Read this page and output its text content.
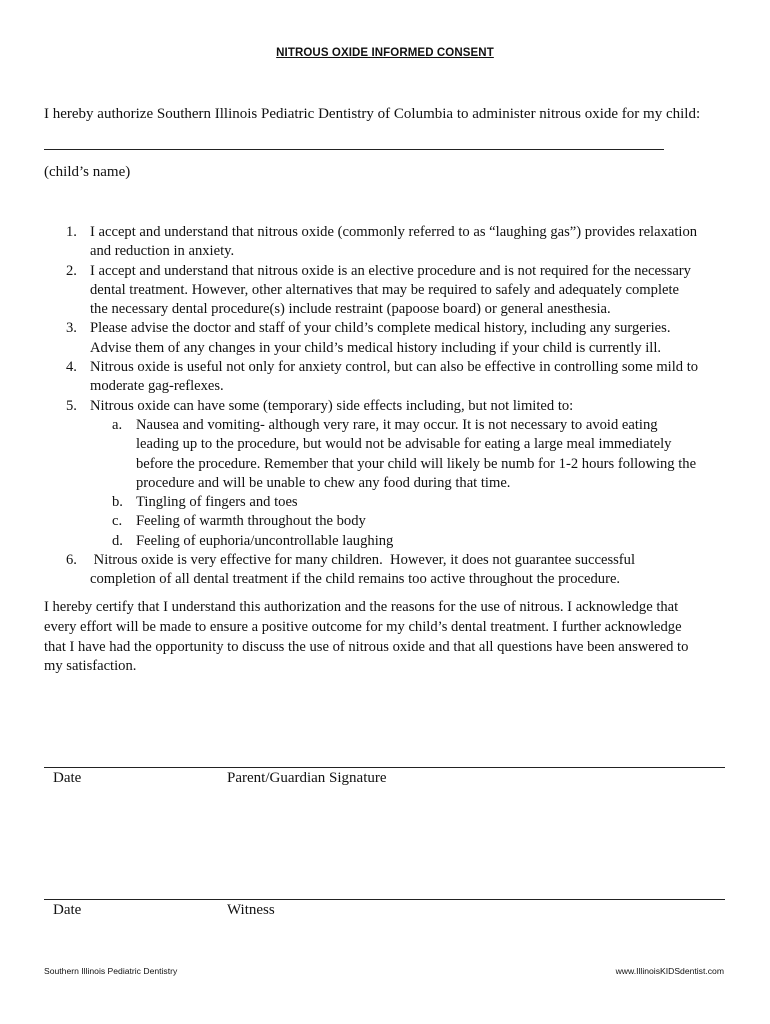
NITROUS OXIDE INFORMED CONSENT
I hereby authorize Southern Illinois Pediatric Dentistry of Columbia to administer nitrous oxide for my child:
(child’s name)
1. I accept and understand that nitrous oxide (commonly referred to as “laughing gas”) provides relaxation
and reduction in anxiety.
2. I accept and understand that nitrous oxide is an elective procedure and is not required for the necessary
dental treatment. However, other alternatives that may be required to safely and adequately complete
the necessary dental procedure(s) include restraint (papoose board) or general anesthesia.
3. Please advise the doctor and staff of your child’s complete medical history, including any surgeries.
Advise them of any changes in your child’s medical history including if your child is currently ill.
4. Nitrous oxide is useful not only for anxiety control, but can also be effective in controlling some mild to
moderate gag-reflexes.
5. Nitrous oxide can have some (temporary) side effects including, but not limited to:
a. Nausea and vomiting- although very rare, it may occur. It is not necessary to avoid eating
leading up to the procedure, but would not be advisable for eating a large meal immediately
before the procedure. Remember that your child will likely be numb for 1-2 hours following the
procedure and will be unable to chew any food during that time.
b. Tingling of fingers and toes
c. Feeling of warmth throughout the body
d. Feeling of euphoria/uncontrollable laughing
6. Nitrous oxide is very effective for many children.  However, it does not guarantee successful
completion of all dental treatment if the child remains too active throughout the procedure.
I hereby certify that I understand this authorization and the reasons for the use of nitrous. I acknowledge that
every effort will be made to ensure a positive outcome for my child’s dental treatment. I further acknowledge
that I have had the opportunity to discuss the use of nitrous oxide and that all questions have been answered to
my satisfaction.
Date	Parent/Guardian Signature
Date	Witness
Southern Illinois Pediatric Dentistry	www.IllinoisKIDSdentist.com
